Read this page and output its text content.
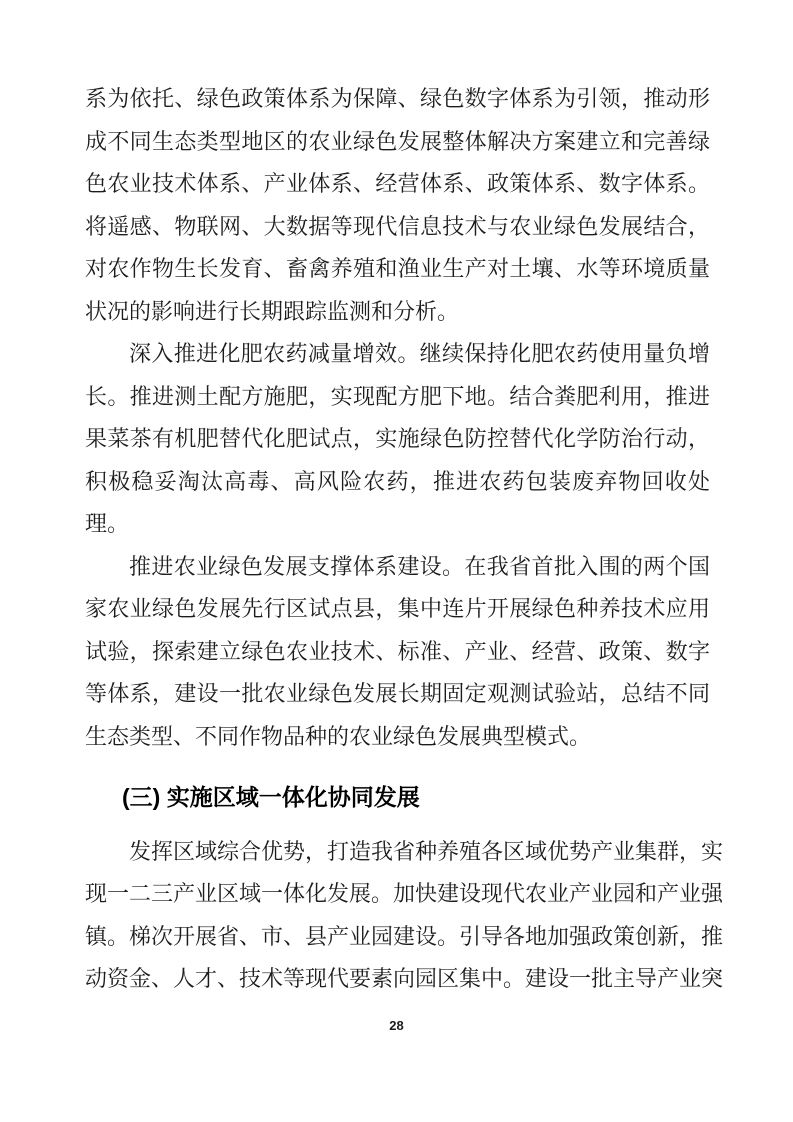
系为依托、绿色政策体系为保障、绿色数字体系为引领，推动形
成不同生态类型地区的农业绿色发展整体解决方案建立和完善绿
色农业技术体系、产业体系、经营体系、政策体系、数字体系。
将遥感、物联网、大数据等现代信息技术与农业绿色发展结合，
对农作物生长发育、畜禽养殖和渔业生产对土壤、水等环境质量
状况的影响进行长期跟踪监测和分析。
深入推进化肥农药减量增效。继续保持化肥农药使用量负增
长。推进测土配方施肥，实现配方肥下地。结合粪肥利用，推进
果菜茶有机肥替代化肥试点，实施绿色防控替代化学防治行动，
积极稳妥淘汰高毒、高风险农药，推进农药包装废弃物回收处
理。
推进农业绿色发展支撑体系建设。在我省首批入围的两个国
家农业绿色发展先行区试点县，集中连片开展绿色种养技术应用
试验，探索建立绿色农业技术、标准、产业、经营、政策、数字
等体系，建设一批农业绿色发展长期固定观测试验站，总结不同
生态类型、不同作物品种的农业绿色发展典型模式。
(三) 实施区域一体化协同发展
发挥区域综合优势，打造我省种养殖各区域优势产业集群，实
现一二三产业区域一体化发展。加快建设现代农业产业园和产业强
镇。梯次开展省、市、县产业园建设。引导各地加强政策创新，推
动资金、人才、技术等现代要素向园区集中。建设一批主导产业突
28
